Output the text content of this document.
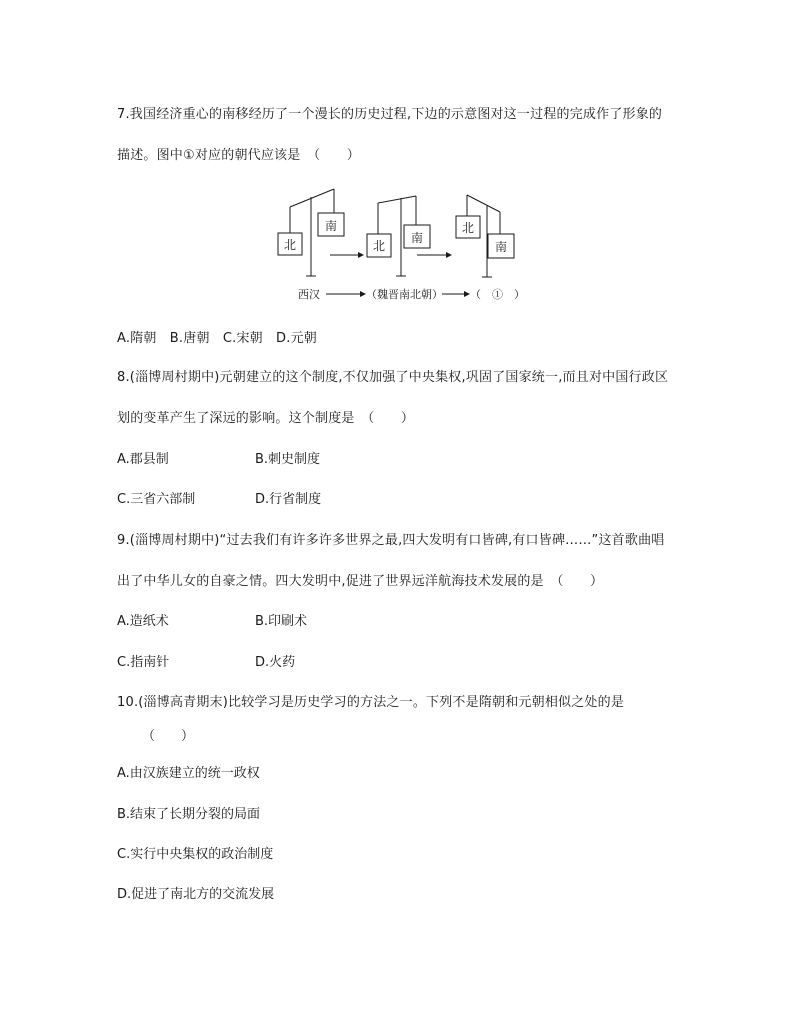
7.我国经济重心的南移经历了一个漫长的历史过程,下边的示意图对这一过程的完成作了形象的
描述。图中①对应的朝代应该是　（　　）
北
南
北
南
北
南
西汉	（魏晋南北朝） （　①　）
A.隋朝　B.唐朝　C.宋朝　D.元朝
8.(淄博周村期中)元朝建立的这个制度,不仅加强了中央集权,巩固了国家统一,而且对中国行政区
划的变革产生了深远的影响。这个制度是　（　　）
A.郡县制	B.刺史制度
C.三省六部制	D.行省制度
9.(淄博周村期中)“过去我们有许多许多世界之最,四大发明有口皆碑,有口皆碑……”这首歌曲唱
出了中华儿女的自豪之情。四大发明中,促进了世界远洋航海技术发展的是　（　　）
A.造纸术	B.印刷术
C.指南针	D.火药
10.(淄博高青期末)比较学习是历史学习的方法之一。下列不是隋朝和元朝相似之处的是
（　　）
A.由汉族建立的统一政权
B.结束了长期分裂的局面
C.实行中央集权的政治制度
D.促进了南北方的交流发展
